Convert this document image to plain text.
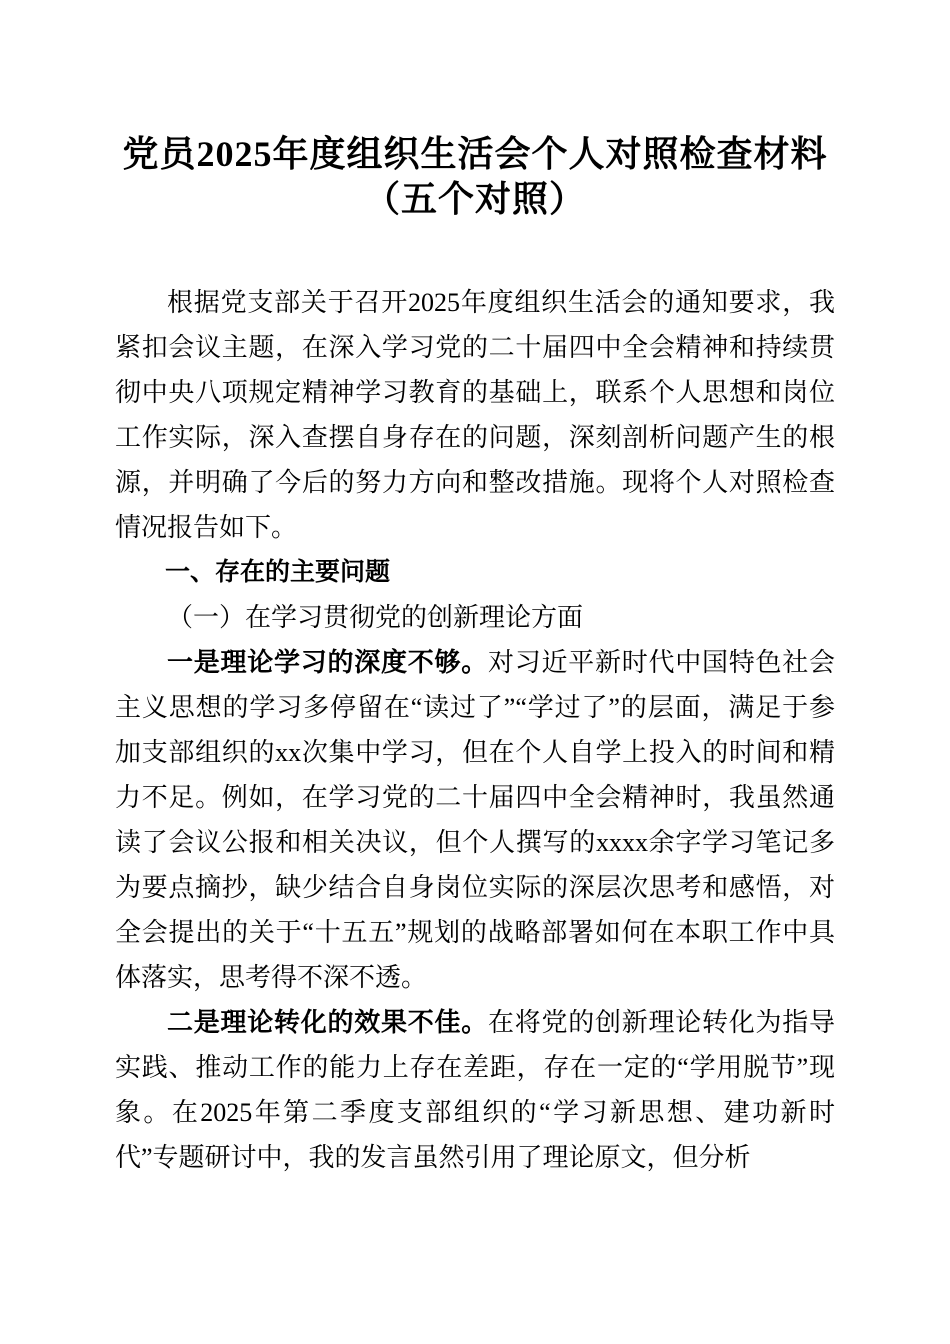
党员2025年度组织生活会个人对照检查材料
（五个对照）

根据党支部关于召开2025年度组织生活会的通知要求，我紧扣会议主题，在深入学习党的二十届四中全会精神和持续贯彻中央八项规定精神学习教育的基础上，联系个人思想和岗位工作实际，深入查摆自身存在的问题，深刻剖析问题产生的根源，并明确了今后的努力方向和整改措施。现将个人对照检查情况报告如下。

一、存在的主要问题

（一）在学习贯彻党的创新理论方面

一是理论学习的深度不够。对习近平新时代中国特色社会主义思想的学习多停留在“读过了”“学过了”的层面，满足于参加支部组织的xx次集中学习，但在个人自学上投入的时间和精力不足。例如，在学习党的二十届四中全会精神时，我虽然通读了会议公报和相关决议，但个人撰写的xxxx余字学习笔记多为要点摘抄，缺少结合自身岗位实际的深层次思考和感悟，对全会提出的关于“十五五”规划的战略部署如何在本职工作中具体落实，思考得不深不透。

二是理论转化的效果不佳。在将党的创新理论转化为指导实践、推动工作的能力上存在差距，存在一定的“学用脱节”现象。在2025年第二季度支部组织的“学习新思想、建功新时代”专题研讨中，我的发言虽然引用了理论原文，但分析
